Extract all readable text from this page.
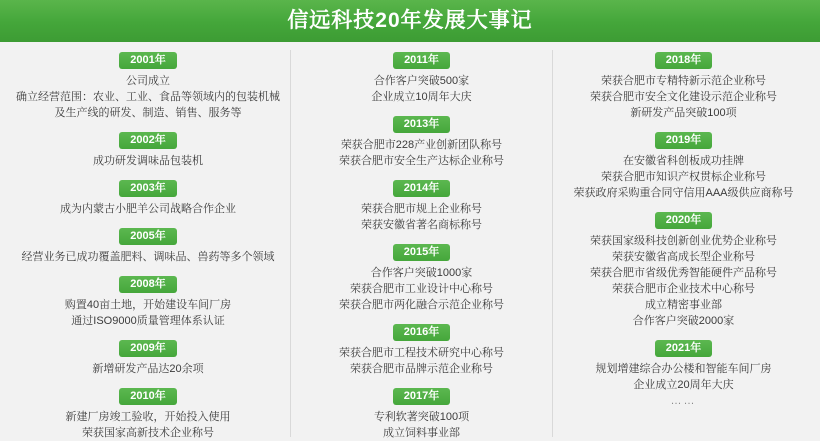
信远科技20年发展大事记
2001年
公司成立
确立经营范围：农业、工业、食品等领域内的包装机械
及生产线的研发、制造、销售、服务等
2002年
成功研发调味品包装机
2003年
成为内蒙古小肥羊公司战略合作企业
2005年
经营业务已成功覆盖肥料、调味品、兽药等多个领域
2008年
购置40亩土地，开始建设车间厂房
通过ISO9000质量管理体系认证
2009年
新增研发产品达20余项
2010年
新建厂房竣工验收，开始投入使用
荣获国家高新技术企业称号
2011年
合作客户突破500家
企业成立10周年大庆
2013年
荣获合肥市228产业创新团队称号
荣获合肥市安全生产达标企业称号
2014年
荣获合肥市规上企业称号
荣获安徽省著名商标称号
2015年
合作客户突破1000家
荣获合肥市工业设计中心称号
荣获合肥市两化融合示范企业称号
2016年
荣获合肥市工程技术研究中心称号
荣获合肥市品牌示范企业称号
2017年
专利软著突破100项
成立饲料事业部
2018年
荣获合肥市专精特新示范企业称号
荣获合肥市安全文化建设示范企业称号
新研发产品突破100项
2019年
在安徽省科创板成功挂牌
荣获合肥市知识产权贯标企业称号
荣获政府采购重合同守信用AAA级供应商称号
2020年
荣获国家级科技创新创业优势企业称号
荣获安徽省高成长型企业称号
荣获合肥市省级优秀智能硬件产品称号
荣获合肥市企业技术中心称号
成立精密事业部
合作客户突破2000家
2021年
规划增建综合办公楼和智能车间厂房
企业成立20周年大庆
……
